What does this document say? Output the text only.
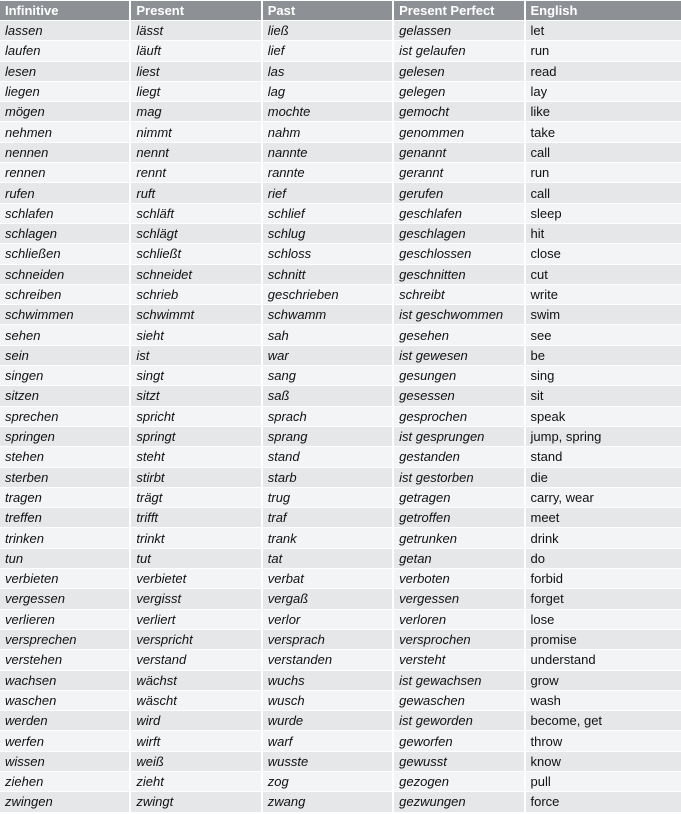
Infinitive	Present	Past	Present Perfect	English
lassen	lässt	ließ	gelassen	let
laufen	läuft	lief	ist gelaufen	run
lesen	liest	las	gelesen	read
liegen	liegt	lag	gelegen	lay
mögen	mag	mochte	gemocht	like
nehmen	nimmt	nahm	genommen	take
nennen	nennt	nannte	genannt	call
rennen	rennt	rannte	gerannt	run
rufen	ruft	rief	gerufen	call
schlafen	schläft	schlief	geschlafen	sleep
schlagen	schlägt	schlug	geschlagen	hit
schließen	schließt	schloss	geschlossen	close
schneiden	schneidet	schnitt	geschnitten	cut
schreiben	schrieb	geschrieben	schreibt	write
schwimmen	schwimmt	schwamm	ist geschwommen	swim
sehen	sieht	sah	gesehen	see
sein	ist	war	ist gewesen	be
singen	singt	sang	gesungen	sing
sitzen	sitzt	saß	gesessen	sit
sprechen	spricht	sprach	gesprochen	speak
springen	springt	sprang	ist gesprungen	jump, spring
stehen	steht	stand	gestanden	stand
sterben	stirbt	starb	ist gestorben	die
tragen	trägt	trug	getragen	carry, wear
treffen	trifft	traf	getroffen	meet
trinken	trinkt	trank	getrunken	drink
tun	tut	tat	getan	do
verbieten	verbietet	verbat	verboten	forbid
vergessen	vergisst	vergaß	vergessen	forget
verlieren	verliert	verlor	verloren	lose
versprechen	verspricht	versprach	versprochen	promise
verstehen	verstand	verstanden	versteht	understand
wachsen	wächst	wuchs	ist gewachsen	grow
waschen	wäscht	wusch	gewaschen	wash
werden	wird	wurde	ist geworden	become, get
werfen	wirft	warf	geworfen	throw
wissen	weiß	wusste	gewusst	know
ziehen	zieht	zog	gezogen	pull
zwingen	zwingt	zwang	gezwungen	force
